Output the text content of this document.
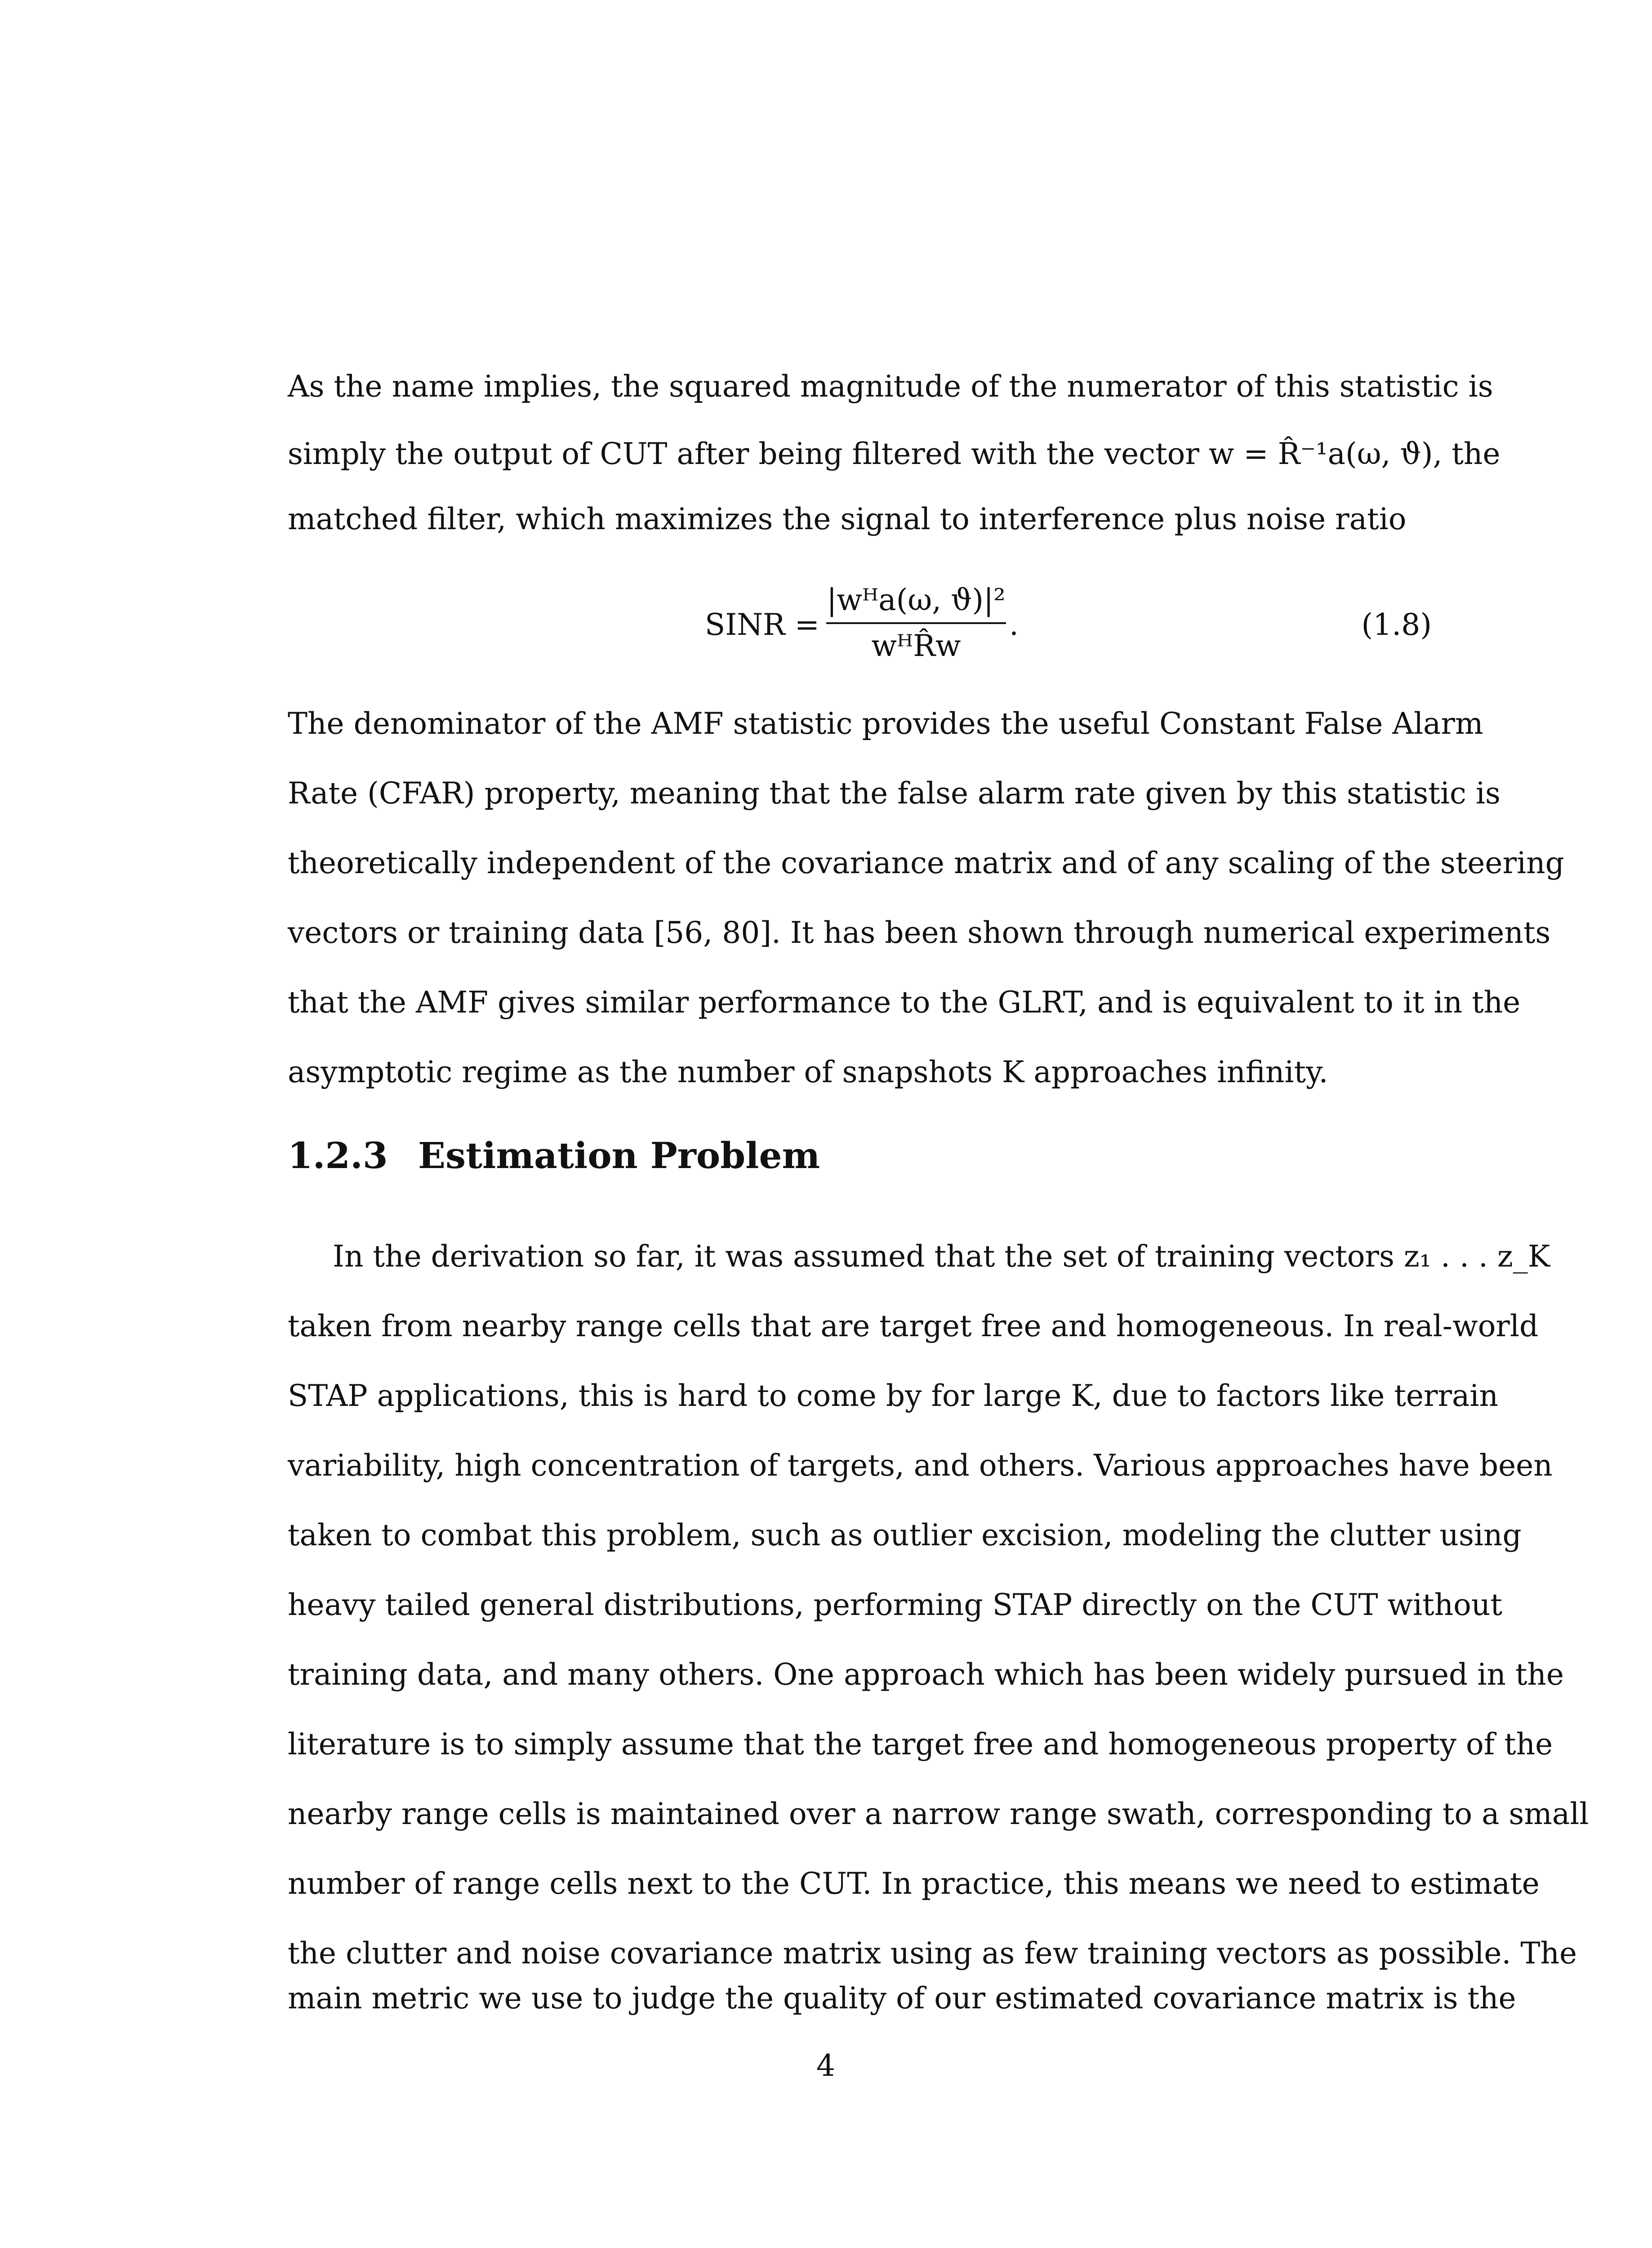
As the name implies, the squared magnitude of the numerator of this statistic is
simply the output of CUT after being filtered with the vector w = R̂⁻¹a(ω, ϑ), the
matched filter, which maximizes the signal to interference plus noise ratio
SINR =
|wᴴa(ω, ϑ)|²
wᴴR̂w
.	(1.8)
The denominator of the AMF statistic provides the useful Constant False Alarm
Rate (CFAR) property, meaning that the false alarm rate given by this statistic is
theoretically independent of the covariance matrix and of any scaling of the steering
vectors or training data [56, 80]. It has been shown through numerical experiments
that the AMF gives similar performance to the GLRT, and is equivalent to it in the
asymptotic regime as the number of snapshots K approaches infinity.
1.2.3 Estimation Problem
In the derivation so far, it was assumed that the set of training vectors z₁ . . . z_K
taken from nearby range cells that are target free and homogeneous. In real-world
STAP applications, this is hard to come by for large K, due to factors like terrain
variability, high concentration of targets, and others. Various approaches have been
taken to combat this problem, such as outlier excision, modeling the clutter using
heavy tailed general distributions, performing STAP directly on the CUT without
training data, and many others. One approach which has been widely pursued in the
literature is to simply assume that the target free and homogeneous property of the
nearby range cells is maintained over a narrow range swath, corresponding to a small
number of range cells next to the CUT. In practice, this means we need to estimate
the clutter and noise covariance matrix using as few training vectors as possible. The
main metric we use to judge the quality of our estimated covariance matrix is the
4
